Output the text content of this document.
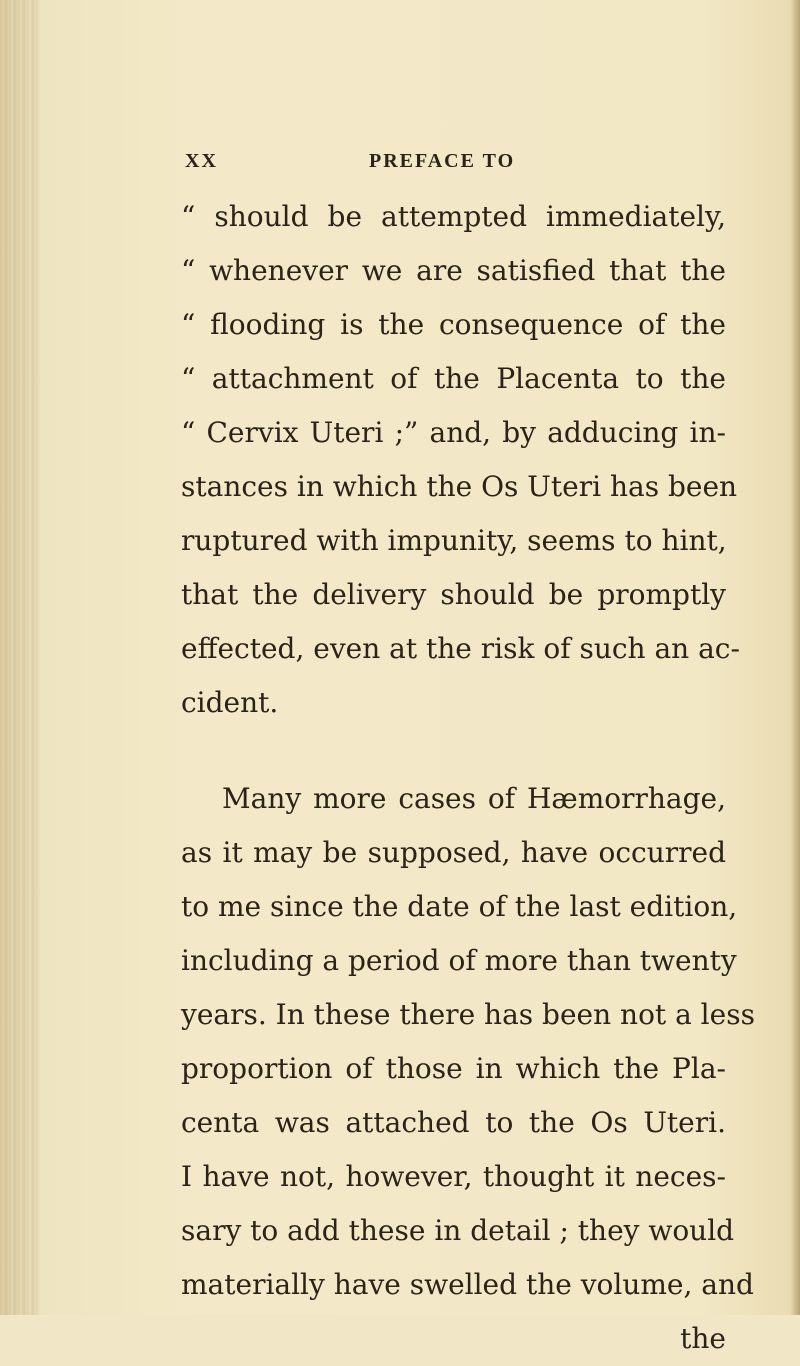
XX	PREFACE TO
“ should be attempted immediately,
“ whenever we are satisfied that the
“ flooding is the consequence of the
“ attachment of the Placenta to the
“ Cervix Uteri ;” and, by adducing in-
stances in which the Os Uteri has been
ruptured with impunity, seems to hint,
that the delivery should be promptly
effected, even at the risk of such an ac-
cident.
Many more cases of Hæmorrhage,
as it may be supposed, have occurred
to me since the date of the last edition,
including a period of more than twenty
years. In these there has been not a less
proportion of those in which the Pla-
centa was attached to the Os Uteri.
I have not, however, thought it neces-
sary to add these in detail ; they would
materially have swelled the volume, and
the
